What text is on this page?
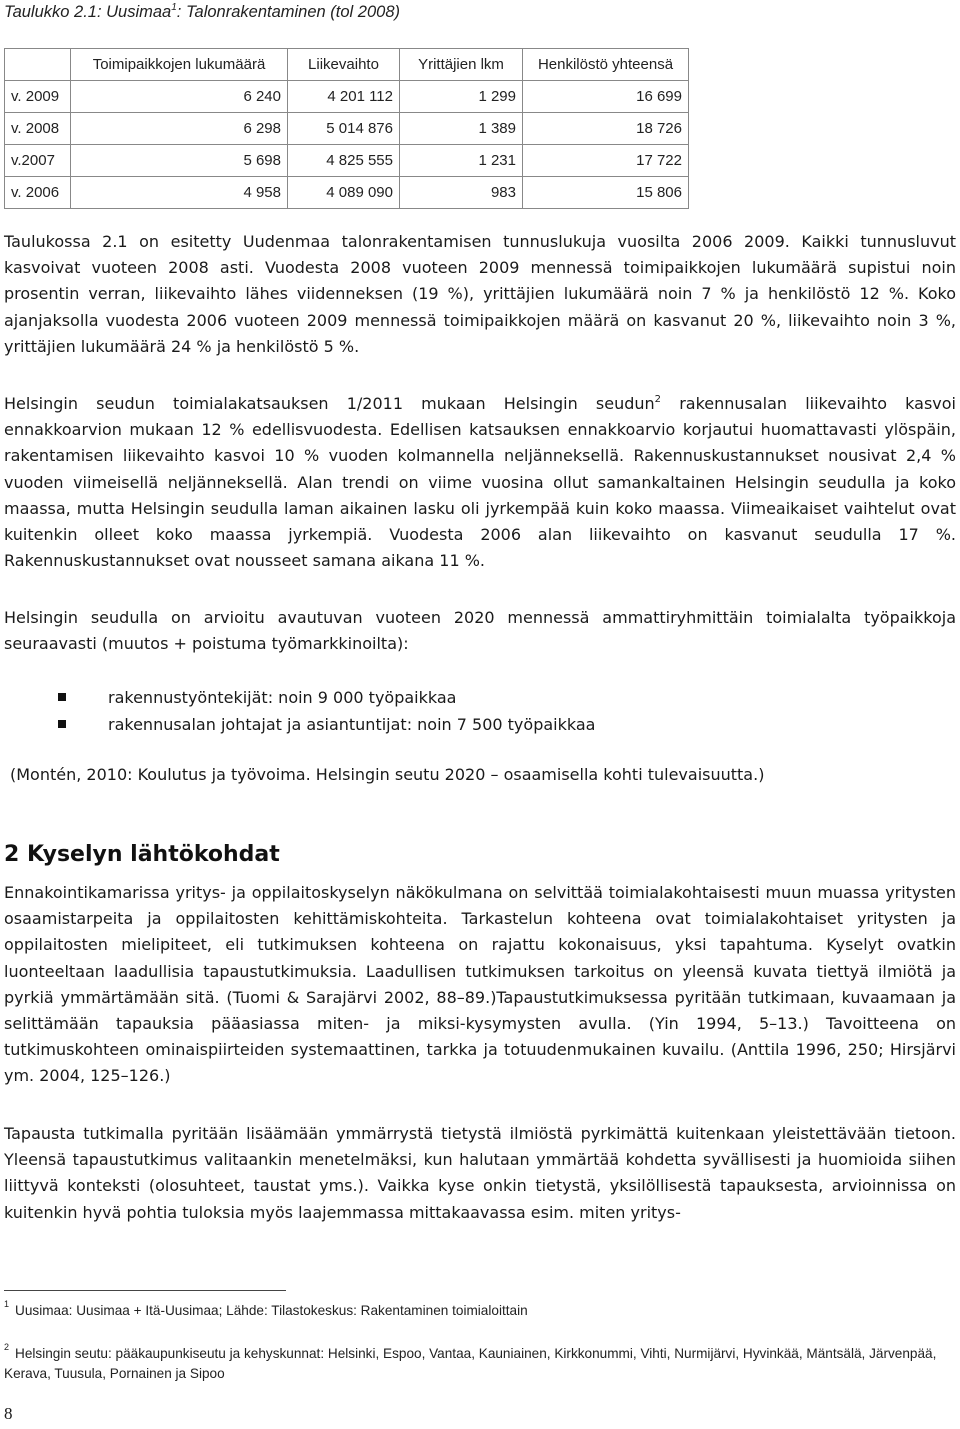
Taulukko 2.1: Uusimaa$^1$: Talonrakentaminen (tol 2008)
	Toimipaikkojen lukumäärä	Liikevaihto	Yrittäjien lkm	Henkilöstö yhteensä
v. 2009	6 240	4 201 112	1 299	16 699
v. 2008	6 298	5 014 876	1 389	18 726
v.2007	5 698	4 825 555	1 231	17 722
v. 2006	4 958	4 089 090	983	15 806

Taulukossa 2.1 on esitetty Uudenmaa talonrakentamisen tunnuslukuja vuosilta 2006 2009. Kaikki tunnusluvut kasvoivat vuoteen 2008 asti. Vuodesta 2008 vuoteen 2009 mennessä toimipaikkojen lukumäärä supistui noin prosentin verran, liikevaihto lähes viidenneksen (19 %), yrittäjien lukumäärä noin 7 % ja henkilöstö 12 %. Koko ajanjaksolla vuodesta 2006 vuoteen 2009 mennessä toimipaikkojen määrä on kasvanut 20 %, liikevaihto noin 3 %, yrittäjien lukumäärä 24 % ja henkilöstö 5 %.

Helsingin seudun toimialakatsauksen 1/2011 mukaan Helsingin seudun$^2$ rakennusalan liikevaihto kasvoi ennakkoarvion mukaan 12 % edellisvuodesta. Edellisen katsauksen ennakkoarvio korjautui huomattavasti ylöspäin, rakentamisen liikevaihto kasvoi 10 % vuoden kolmannella neljänneksellä. Rakennuskustannukset nousivat 2,4 % vuoden viimeisellä neljänneksellä. Alan trendi on viime vuosina ollut samankaltainen Helsingin seudulla ja koko maassa, mutta Helsingin seudulla laman aikainen lasku oli jyrkempää kuin koko maassa. Viimeaikaiset vaihtelut ovat kuitenkin olleet koko maassa jyrkempiä. Vuodesta 2006 alan liikevaihto on kasvanut seudulla 17 %. Rakennuskustannukset ovat nousseet samana aikana 11 %.

Helsingin seudulla on arvioitu avautuvan vuoteen 2020 mennessä ammattiryhmittäin toimialalta työpaikkoja seuraavasti (muutos + poistuma työmarkkinoilta):

rakennustyöntekijät: noin 9 000 työpaikkaa
rakennusalan johtajat ja asiantuntijat: noin 7 500 työpaikkaa

(Montén, 2010: Koulutus ja työvoima. Helsingin seutu 2020 – osaamisella kohti tulevaisuutta.)

2 Kyselyn lähtökohdat

Ennakointikamarissa yritys- ja oppilaitoskyselyn näkökulmana on selvittää toimialakohtaisesti muun muassa yritysten osaamistarpeita ja oppilaitosten kehittämiskohteita. Tarkastelun kohteena ovat toimialakohtaiset yritysten ja oppilaitosten mielipiteet, eli tutkimuksen kohteena on rajattu kokonaisuus, yksi tapahtuma. Kyselyt ovatkin luonteeltaan laadullisia tapaustutkimuksia. Laadullisen tutkimuksen tarkoitus on yleensä kuvata tiettyä ilmiötä ja pyrkiä ymmärtämään sitä. (Tuomi & Sarajärvi 2002, 88–89.)Tapaustutkimuksessa pyritään tutkimaan, kuvaamaan ja selittämään tapauksia pääasiassa miten- ja miksi-kysymysten avulla. (Yin 1994, 5–13.) Tavoitteena on tutkimuskohteen ominaispiirteiden systemaattinen, tarkka ja totuudenmukainen kuvailu. (Anttila 1996, 250; Hirsjärvi ym. 2004, 125–126.)

Tapausta tutkimalla pyritään lisäämään ymmärrystä tietystä ilmiöstä pyrkimättä kuitenkaan yleistettävään tietoon. Yleensä tapaustutkimus valitaankin menetelmäksi, kun halutaan ymmärtää kohdetta syvällisesti ja huomioida siihen liittyvä konteksti (olosuhteet, taustat yms.). Vaikka kyse onkin tietystä, yksilöllisestä tapauksesta, arvioinnissa on kuitenkin hyvä pohtia tuloksia myös laajemmassa mittakaavassa esim. miten yritys-

$^1$ Uusimaa: Uusimaa + Itä-Uusimaa; Lähde: Tilastokeskus: Rakentaminen toimialoittain
$^2$ Helsingin seutu: pääkaupunkiseutu ja kehyskunnat: Helsinki, Espoo, Vantaa, Kauniainen, Kirkkonummi, Vihti, Nurmijärvi, Hyvinkää, Mäntsälä, Järvenpää, Kerava, Tuusula, Pornainen ja Sipoo
8
